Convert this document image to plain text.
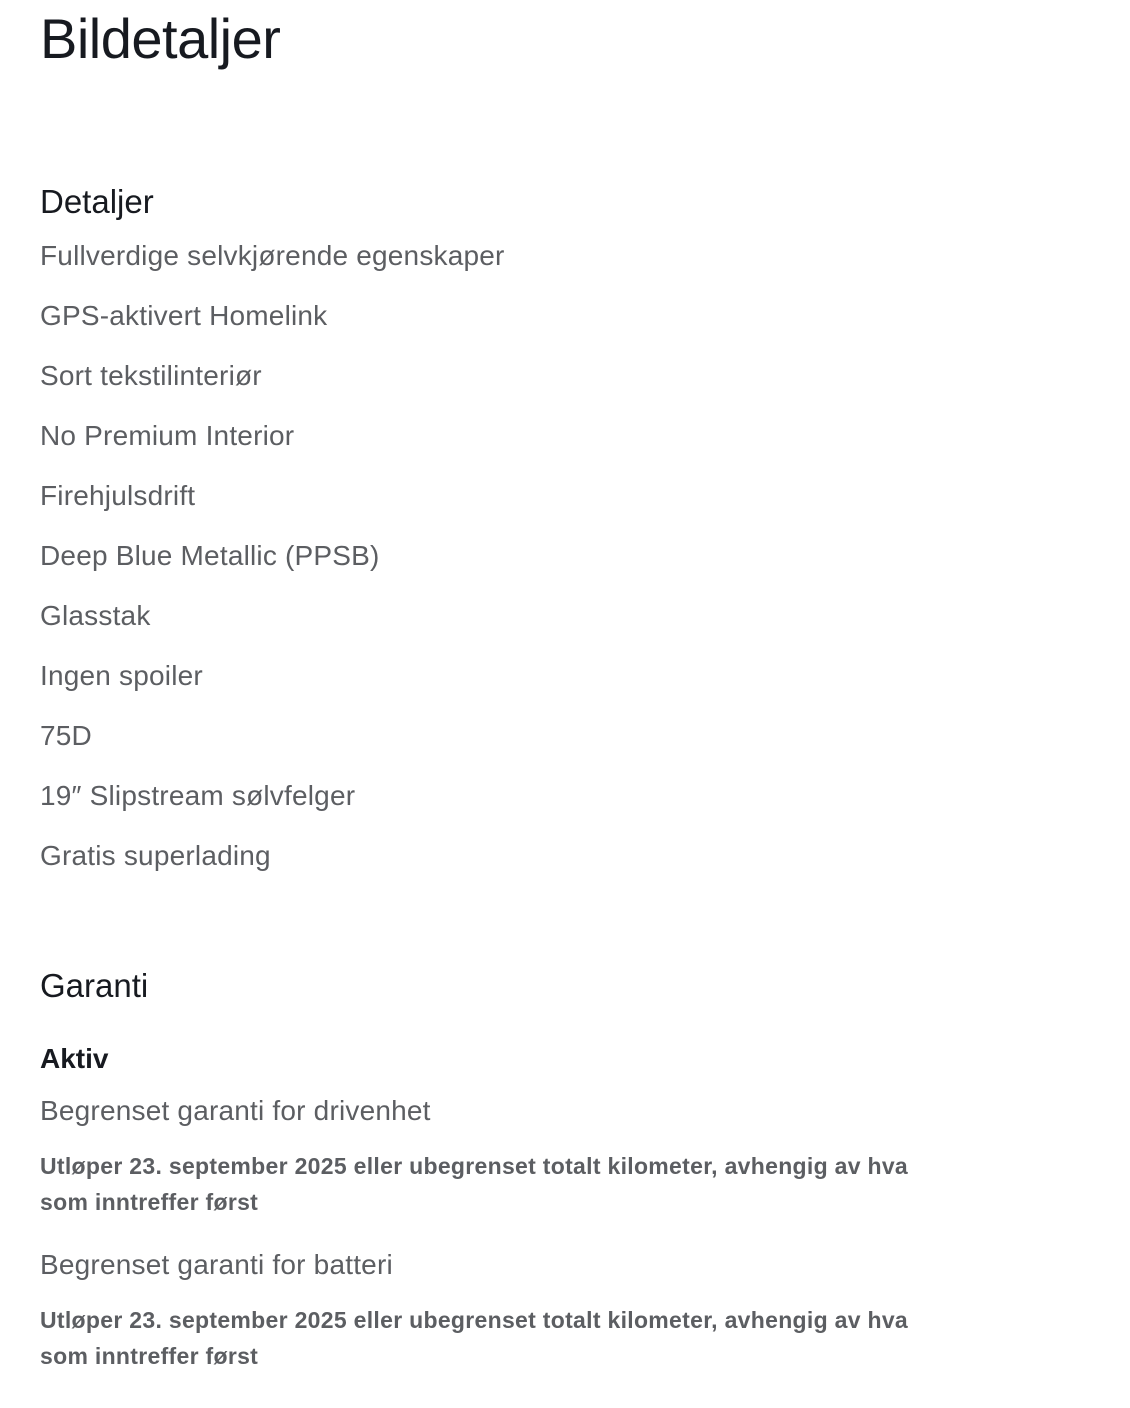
Bildetaljer
Detaljer
Fullverdige selvkjørende egenskaper
GPS-aktivert Homelink
Sort tekstilinteriør
No Premium Interior
Firehjulsdrift
Deep Blue Metallic (PPSB)
Glasstak
Ingen spoiler
75D
19″ Slipstream sølvfelger
Gratis superlading
Garanti
Aktiv
Begrenset garanti for drivenhet
Utløper 23. september 2025 eller ubegrenset totalt kilometer, avhengig av hva som inntreffer først
Begrenset garanti for batteri
Utløper 23. september 2025 eller ubegrenset totalt kilometer, avhengig av hva som inntreffer først
